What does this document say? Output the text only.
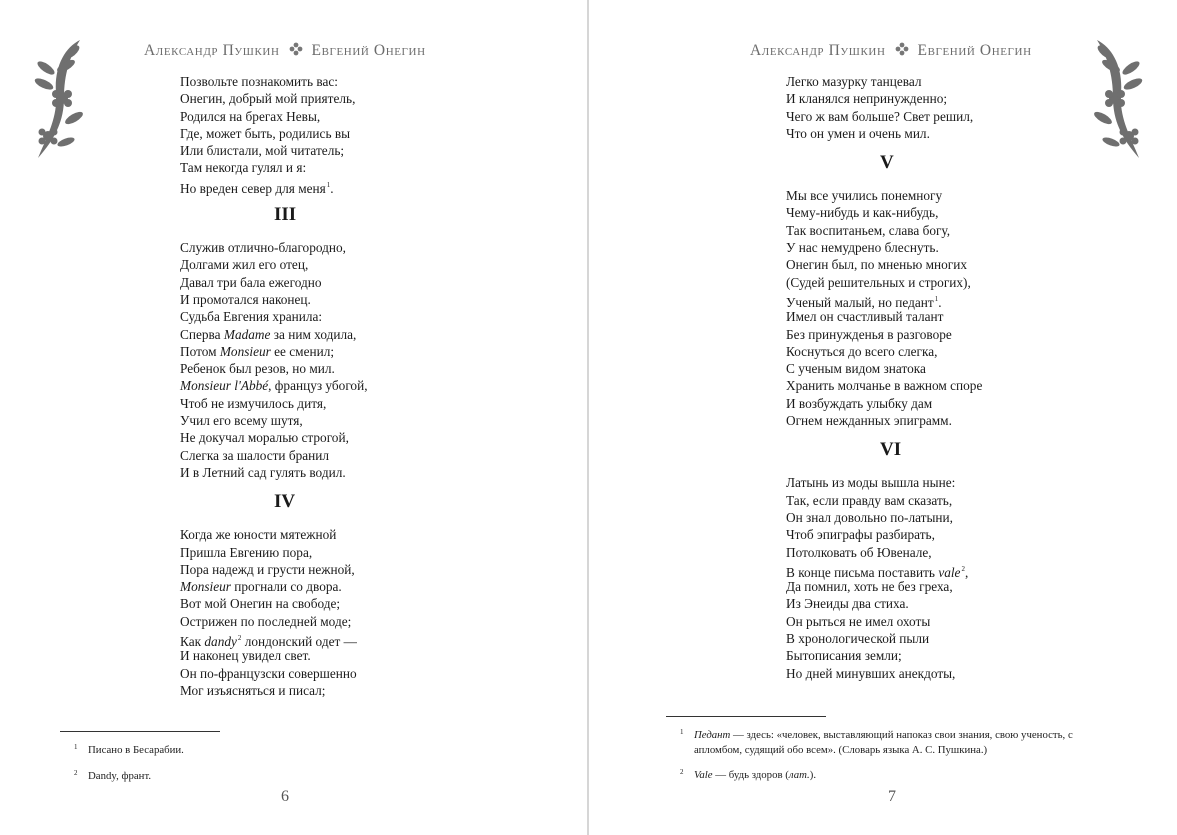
Александр Пушкин Евгений Онегин
Позвольте познакомить вас:
Онегин, добрый мой приятель,
Родился на брегах Невы,
Где, может быть, родились вы
Или блистали, мой читатель;
Там некогда гулял и я:
Но вреден север для меня$^1$.
III
Служив отлично-благородно,
Долгами жил его отец,
Давал три бала ежегодно
И промотался наконец.
Судьба Евгения хранила:
Сперва Madame за ним ходила,
Потом Monsieur ее сменил;
Ребенок был резов, но мил.
Monsieur l'Abbé, француз убогой,
Чтоб не измучилось дитя,
Учил его всему шутя,
Не докучал моралью строгой,
Слегка за шалости бранил
И в Летний сад гулять водил.
IV
Когда же юности мятежной
Пришла Евгению пора,
Пора надежд и грусти нежной,
Monsieur прогнали со двора.
Вот мой Онегин на свободе;
Острижен по последней моде;
Как dandy$^2$ лондонский одет —
И наконец увидел свет.
Он по-французски совершенно
Мог изъясняться и писал;
1 Писано в Бесарабии.
2 Dandy, франт.
6
Александр Пушкин Евгений Онегин
Легко мазурку танцевал
И кланялся непринужденно;
Чего ж вам больше? Свет решил,
Что он умен и очень мил.
V
Мы все учились понемногу
Чему-нибудь и как-нибудь,
Так воспитаньем, слава богу,
У нас немудрено блеснуть.
Онегин был, по мненью многих
(Судей решительных и строгих),
Ученый малый, но педант$^1$.
Имел он счастливый талант
Без принужденья в разговоре
Коснуться до всего слегка,
С ученым видом знатока
Хранить молчанье в важном споре
И возбуждать улыбку дам
Огнем нежданных эпиграмм.
VI
Латынь из моды вышла ныне:
Так, если правду вам сказать,
Он знал довольно по-латыни,
Чтоб эпиграфы разбирать,
Потолковать об Ювенале,
В конце письма поставить vale$^2$,
Да помнил, хоть не без греха,
Из Энеиды два стиха.
Он рыться не имел охоты
В хронологической пыли
Бытописания земли;
Но дней минувших анекдоты,
1 Педант — здесь: «человек, выставляющий напоказ свои знания, свою ученость, с
апломбом, судящий обо всем». (Словарь языка А. С. Пушкина.)
2 Vale — будь здоров (лат.).
7
